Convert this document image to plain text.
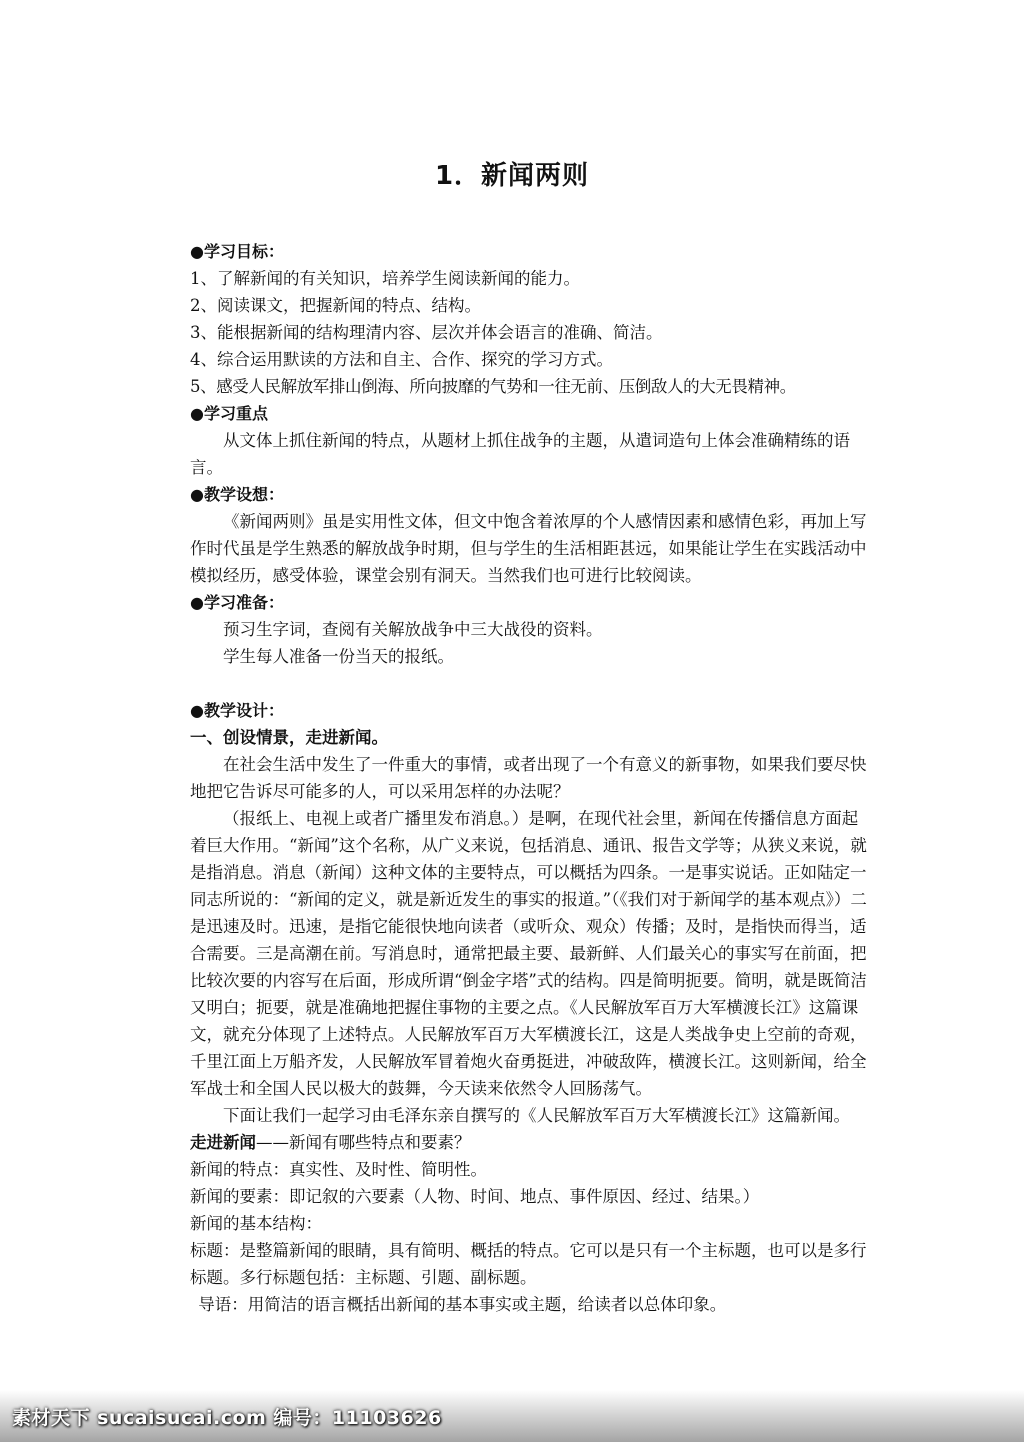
1．新闻两则
●学习目标：
1、了解新闻的有关知识，培养学生阅读新闻的能力。
2、阅读课文，把握新闻的特点、结构。
3、能根据新闻的结构理清内容、层次并体会语言的准确、简洁。
4、综合运用默读的方法和自主、合作、探究的学习方式。
5、感受人民解放军排山倒海、所向披靡的气势和一往无前、压倒敌人的大无畏精神。
●学习重点
从文体上抓住新闻的特点，从题材上抓住战争的主题，从遣词造句上体会准确精练的语言。
●教学设想：
《新闻两则》虽是实用性文体，但文中饱含着浓厚的个人感情因素和感情色彩，再加上写作时代虽是学生熟悉的解放战争时期，但与学生的生活相距甚远，如果能让学生在实践活动中模拟经历，感受体验，课堂会别有洞天。当然我们也可进行比较阅读。
●学习准备：
预习生字词，查阅有关解放战争中三大战役的资料。
学生每人准备一份当天的报纸。
●教学设计：
一、创设情景，走进新闻。
在社会生活中发生了一件重大的事情，或者出现了一个有意义的新事物，如果我们要尽快地把它告诉尽可能多的人，可以采用怎样的办法呢？
（报纸上、电视上或者广播里发布消息。）是啊，在现代社会里，新闻在传播信息方面起着巨大作用。“新闻”这个名称，从广义来说，包括消息、通讯、报告文学等；从狭义来说，就是指消息。消息（新闻）这种文体的主要特点，可以概括为四条。一是事实说话。正如陆定一同志所说的：“新闻的定义，就是新近发生的事实的报道。”（《我们对于新闻学的基本观点》）二是迅速及时。迅速，是指它能很快地向读者（或听众、观众）传播；及时，是指快而得当，适合需要。三是高潮在前。写消息时，通常把最主要、最新鲜、人们最关心的事实写在前面，把比较次要的内容写在后面，形成所谓“倒金字塔”式的结构。四是简明扼要。简明，就是既简洁又明白；扼要，就是准确地把握住事物的主要之点。《人民解放军百万大军横渡长江》这篇课文，就充分体现了上述特点。人民解放军百万大军横渡长江，这是人类战争史上空前的奇观，千里江面上万船齐发，人民解放军冒着炮火奋勇挺进，冲破敌阵，横渡长江。这则新闻，给全军战士和全国人民以极大的鼓舞，今天读来依然令人回肠荡气。
下面让我们一起学习由毛泽东亲自撰写的《人民解放军百万大军横渡长江》这篇新闻。
走进新闻——新闻有哪些特点和要素？
新闻的特点：真实性、及时性、简明性。
新闻的要素：即记叙的六要素（人物、时间、地点、事件原因、经过、结果。）
新闻的基本结构：
标题：是整篇新闻的眼睛，具有简明、概括的特点。它可以是只有一个主标题，也可以是多行标题。多行标题包括：主标题、引题、副标题。
导语：用简洁的语言概括出新闻的基本事实或主题，给读者以总体印象。
素材天下 sucaisucai.com 编号：11103626
